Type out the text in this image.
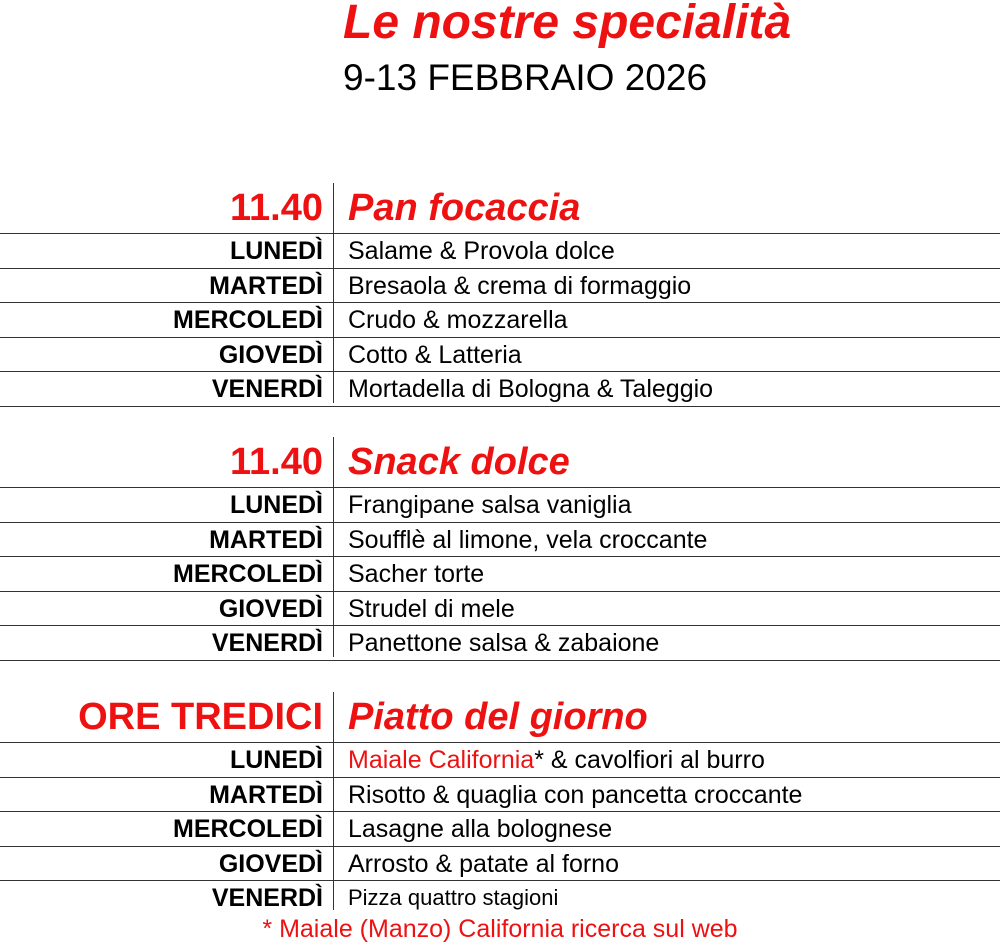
Le nostre specialità
9-13 FEBBRAIO 2026
11.40 Pan focaccia
LUNEDÌ Salame & Provola dolce
MARTEDÌ Bresaola & crema di formaggio
MERCOLEDÌ Crudo & mozzarella
GIOVEDÌ Cotto & Latteria
VENERDÌ Mortadella di Bologna & Taleggio
11.40 Snack dolce
LUNEDÌ Frangipane salsa vaniglia
MARTEDÌ Soufflè al limone, vela croccante
MERCOLEDÌ Sacher torte
GIOVEDÌ Strudel di mele
VENERDÌ Panettone salsa & zabaione
ORE TREDICI Piatto del giorno
LUNEDÌ Maiale California* & cavolfiori al burro
MARTEDÌ Risotto & quaglia con pancetta croccante
MERCOLEDÌ Lasagne alla bolognese
GIOVEDÌ Arrosto & patate al forno
VENERDÌ Pizza quattro stagioni
* Maiale (Manzo) California ricerca sul web
